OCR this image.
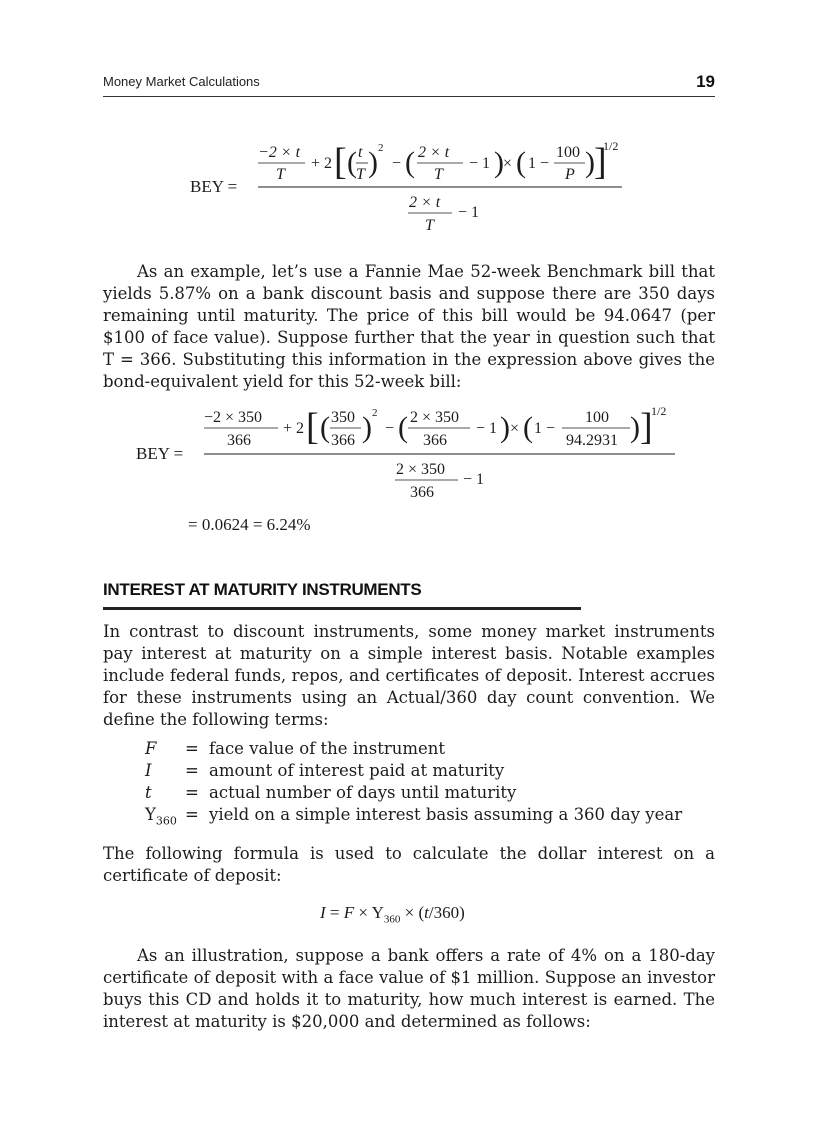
Money Market Calculations	19
BEY =
−2 × t
T
+ 2 [ ( t
T ) 2
− ( 2 × t
T
− 1 ) × ( 1 −
100
P ) ]
1/2
2 × t
T
− 1

As an example, let’s use a Fannie Mae 52-week Benchmark bill that yields 5.87% on a bank discount basis and suppose there are 350 days remaining until maturity. The price of this bill would be 94.0647 (per $100 of face value). Suppose further that the year in question such that T = 366. Substituting this information in the expression above gives the bond-equivalent yield for this 52-week bill:

BEY =
−2 × 350
366
+ 2 [ ( 350
366 ) 2
− ( 2 × 350
366
− 1 ) × ( 1 −
100
94.2931 ) ]
1/2
2 × 350
366
− 1
= 0.0624 = 6.24%
INTEREST AT MATURITY INSTRUMENTS

In contrast to discount instruments, some money market instruments pay interest at maturity on a simple interest basis. Notable examples include federal funds, repos, and certificates of deposit. Interest accrues for these instruments using an Actual/360 day count convention. We define the following terms:

F = face value of the instrument
I = amount of interest paid at maturity
t = actual number of days until maturity
$Y_{360}$ = yield on a simple interest basis assuming a 360 day year

The following formula is used to calculate the dollar interest on a certificate of deposit:

$I = F \times Y_{360} \times (t/360)$

As an illustration, suppose a bank offers a rate of 4% on a 180-day certificate of deposit with a face value of $1 million. Suppose an investor buys this CD and holds it to maturity, how much interest is earned. The interest at maturity is $20,000 and determined as follows:
